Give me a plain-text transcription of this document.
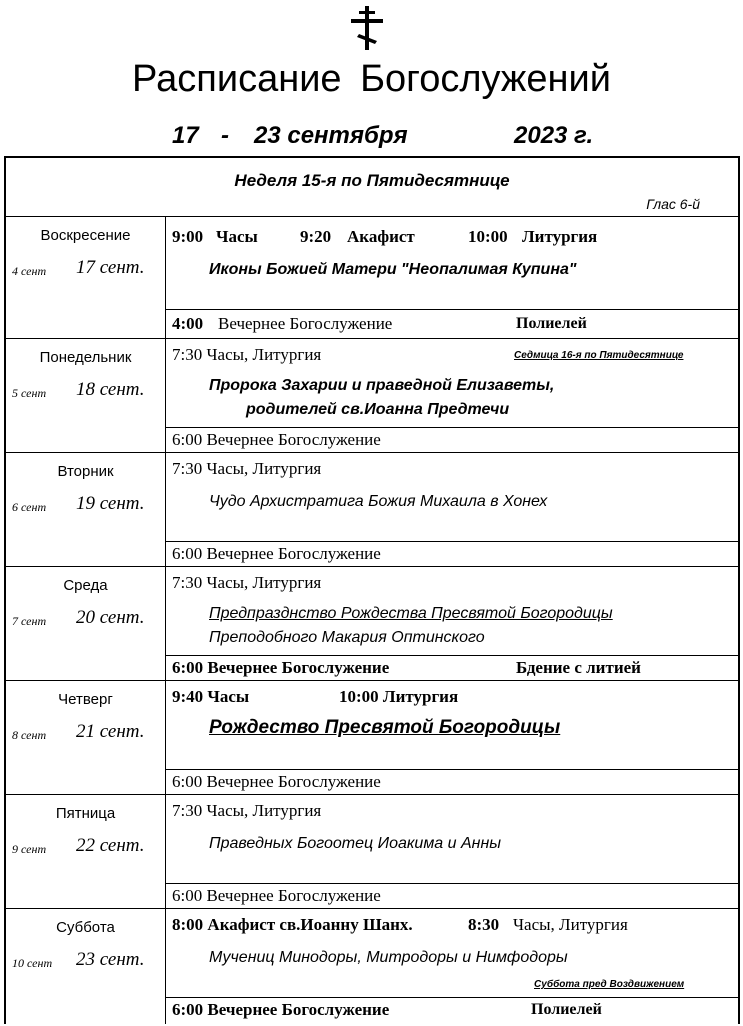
Расписание Богослужений
17 - 23 сентября	2023 г.
Неделя 15-я по Пятидесятнице
Глас 6-й
Воскресение
4 сент 17 сент.
9:00 Часы 9:20 Акафист	10:00 Литургия
Иконы Божией Матери "Неопалимая Купина"
4:00 Вечернее Богослужение	Полиелей
Понедельник
5 сент 18 сент.
7:30 Часы, Литургия	Седмица 16-я по Пятидесятнице
Пророка Захарии и праведной Елизаветы,
родителей св.Иоанна Предтечи
6:00 Вечернее Богослужение
Вторник
6 сент 19 сент.
7:30 Часы, Литургия
Чудо Архистратига Божия Михаила в Хонех
6:00 Вечернее Богослужение
Среда
7 сент 20 сент.
7:30 Часы, Литургия
Предпразднство Рождества Пресвятой Богородицы
Преподобного Макария Оптинского
6:00 Вечернее Богослужение	Бдение с литией
Четверг
8 сент 21 сент.
9:40 Часы	10:00 Литургия
Рождество Пресвятой Богородицы
6:00 Вечернее Богослужение
Пятница
9 сент 22 сент.
7:30 Часы, Литургия
Праведных Богоотец Иоакима и Анны
6:00 Вечернее Богослужение
Суббота
10 сент 23 сент.
8:00 Акафист св.Иоанну Шанх.	8:30 Часы, Литургия
Мучениц Минодоры, Митродоры и Нимфодоры
Суббота пред Воздвижением
6:00 Вечернее Богослужение	Полиелей
